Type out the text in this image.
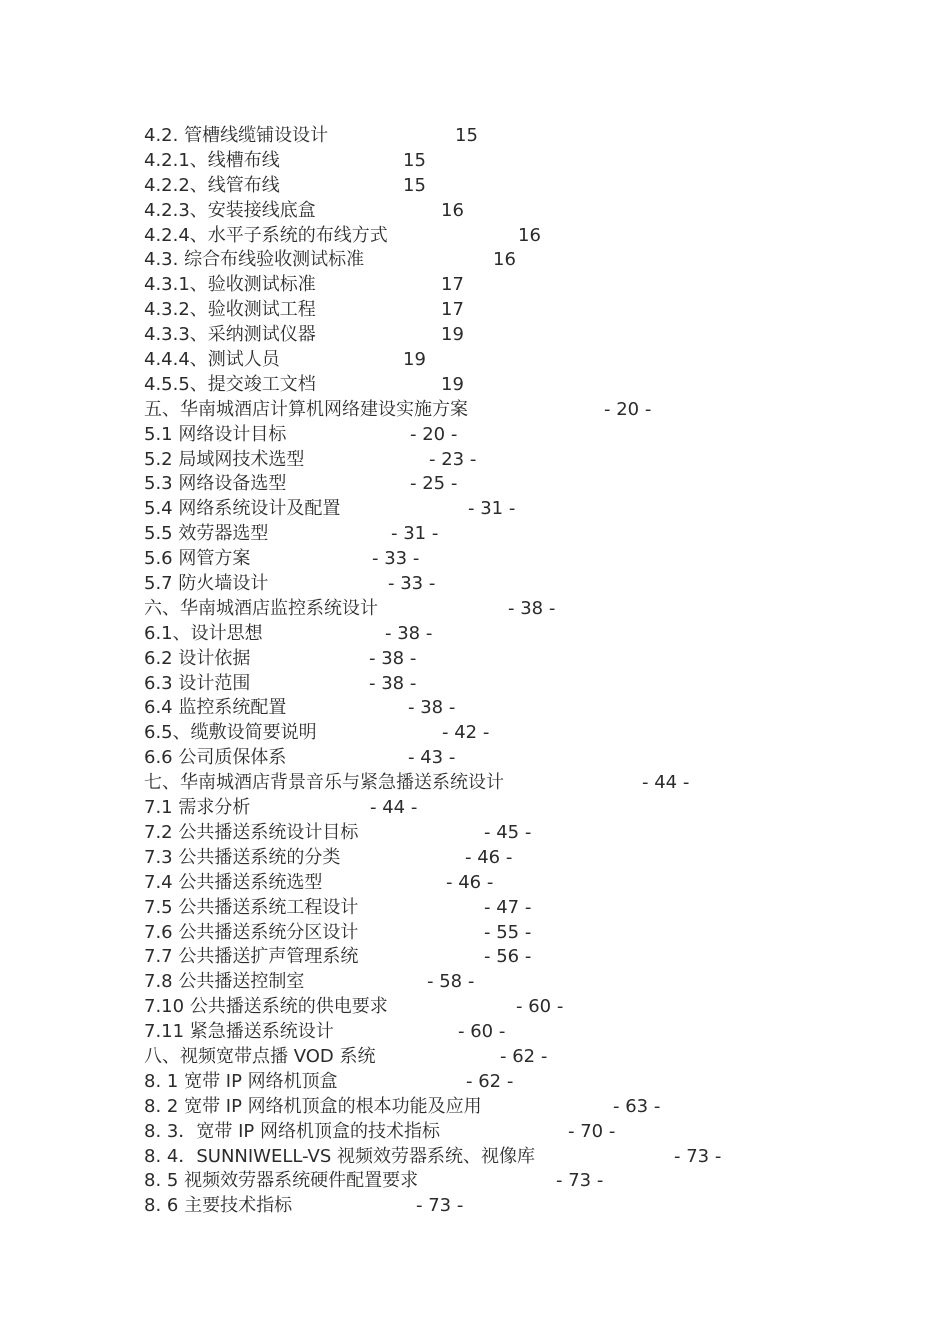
4.2. 管槽线缆铺设设计	15
4.2.1、线槽布线	15
4.2.2、线管布线	15
4.2.3、安装接线底盒	16
4.2.4、水平子系统的布线方式	16
4.3. 综合布线验收测试标准	16
4.3.1、验收测试标准	17
4.3.2、验收测试工程	17
4.3.3、采纳测试仪器	19
4.4.4、测试人员	19
4.5.5、提交竣工文档	19
五、华南城酒店计算机网络建设实施方案	- 20 -
5.1 网络设计目标	- 20 -
5.2 局域网技术选型	- 23 -
5.3 网络设备选型	- 25 -
5.4 网络系统设计及配置	- 31 -
5.5 效劳器选型	- 31 -
5.6 网管方案	- 33 -
5.7 防火墙设计	- 33 -
六、华南城酒店监控系统设计	- 38 -
6.1、设计思想	- 38 -
6.2 设计依据	- 38 -
6.3 设计范围	- 38 -
6.4 监控系统配置	- 38 -
6.5、缆敷设简要说明	- 42 -
6.6 公司质保体系	- 43 -
七、华南城酒店背景音乐与紧急播送系统设计	- 44 -
7.1 需求分析	- 44 -
7.2 公共播送系统设计目标	- 45 -
7.3 公共播送系统的分类	- 46 -
7.4 公共播送系统选型	- 46 -
7.5 公共播送系统工程设计	- 47 -
7.6 公共播送系统分区设计	- 55 -
7.7 公共播送扩声管理系统	- 56 -
7.8 公共播送控制室	- 58 -
7.10 公共播送系统的供电要求	- 60 -
7.11 紧急播送系统设计	- 60 -
八、视频宽带点播 VOD 系统	- 62 -
8. 1 宽带 IP 网络机顶盒	- 62 -
8. 2 宽带 IP 网络机顶盒的根本功能及应用	- 63 -
8. 3．宽带 IP 网络机顶盒的技术指标	- 70 -
8. 4．SUNNIWELL-VS 视频效劳器系统、视像库	- 73 -
8. 5 视频效劳器系统硬件配置要求	- 73 -
8. 6 主要技术指标	- 73 -
